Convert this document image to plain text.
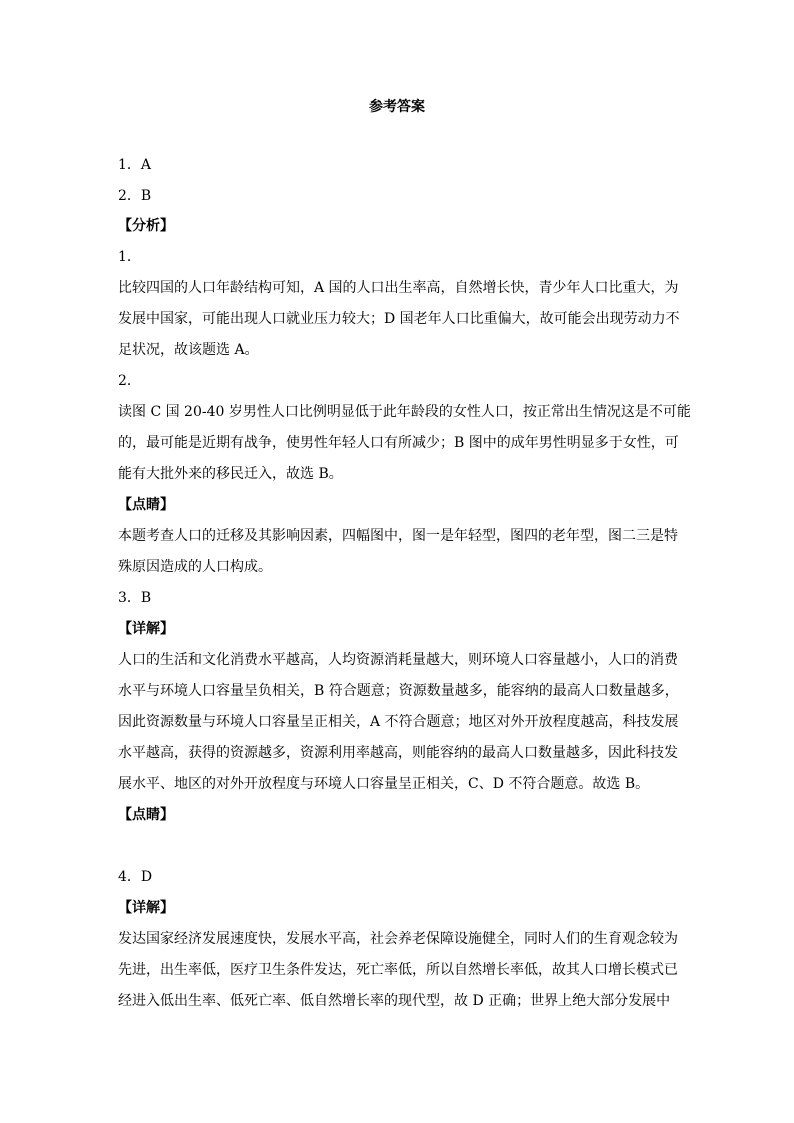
参考答案
1．A
2．B
【分析】
1．
比较四国的人口年龄结构可知，A 国的人口出生率高，自然增长快，青少年人口比重大，为
发展中国家，可能出现人口就业压力较大；D 国老年人口比重偏大，故可能会出现劳动力不
足状况，故该题选 A。
2．
读图 C 国 20-40 岁男性人口比例明显低于此年龄段的女性人口，按正常出生情况这是不可能
的，最可能是近期有战争，使男性年轻人口有所减少；B 图中的成年男性明显多于女性，可
能有大批外来的移民迁入，故选 B。
【点睛】
本题考查人口的迁移及其影响因素，四幅图中，图一是年轻型，图四的老年型，图二三是特
殊原因造成的人口构成。
3．B
【详解】
人口的生活和文化消费水平越高，人均资源消耗量越大，则环境人口容量越小，人口的消费
水平与环境人口容量呈负相关，B 符合题意；资源数量越多，能容纳的最高人口数量越多，
因此资源数量与环境人口容量呈正相关，A 不符合题意；地区对外开放程度越高，科技发展
水平越高，获得的资源越多，资源利用率越高，则能容纳的最高人口数量越多，因此科技发
展水平、地区的对外开放程度与环境人口容量呈正相关，C、D 不符合题意。故选 B。
【点睛】
4．D
【详解】
发达国家经济发展速度快，发展水平高，社会养老保障设施健全，同时人们的生育观念较为
先进，出生率低，医疗卫生条件发达，死亡率低，所以自然增长率低，故其人口增长模式已
经进入低出生率、低死亡率、低自然增长率的现代型，故 D 正确；世界上绝大部分发展中
